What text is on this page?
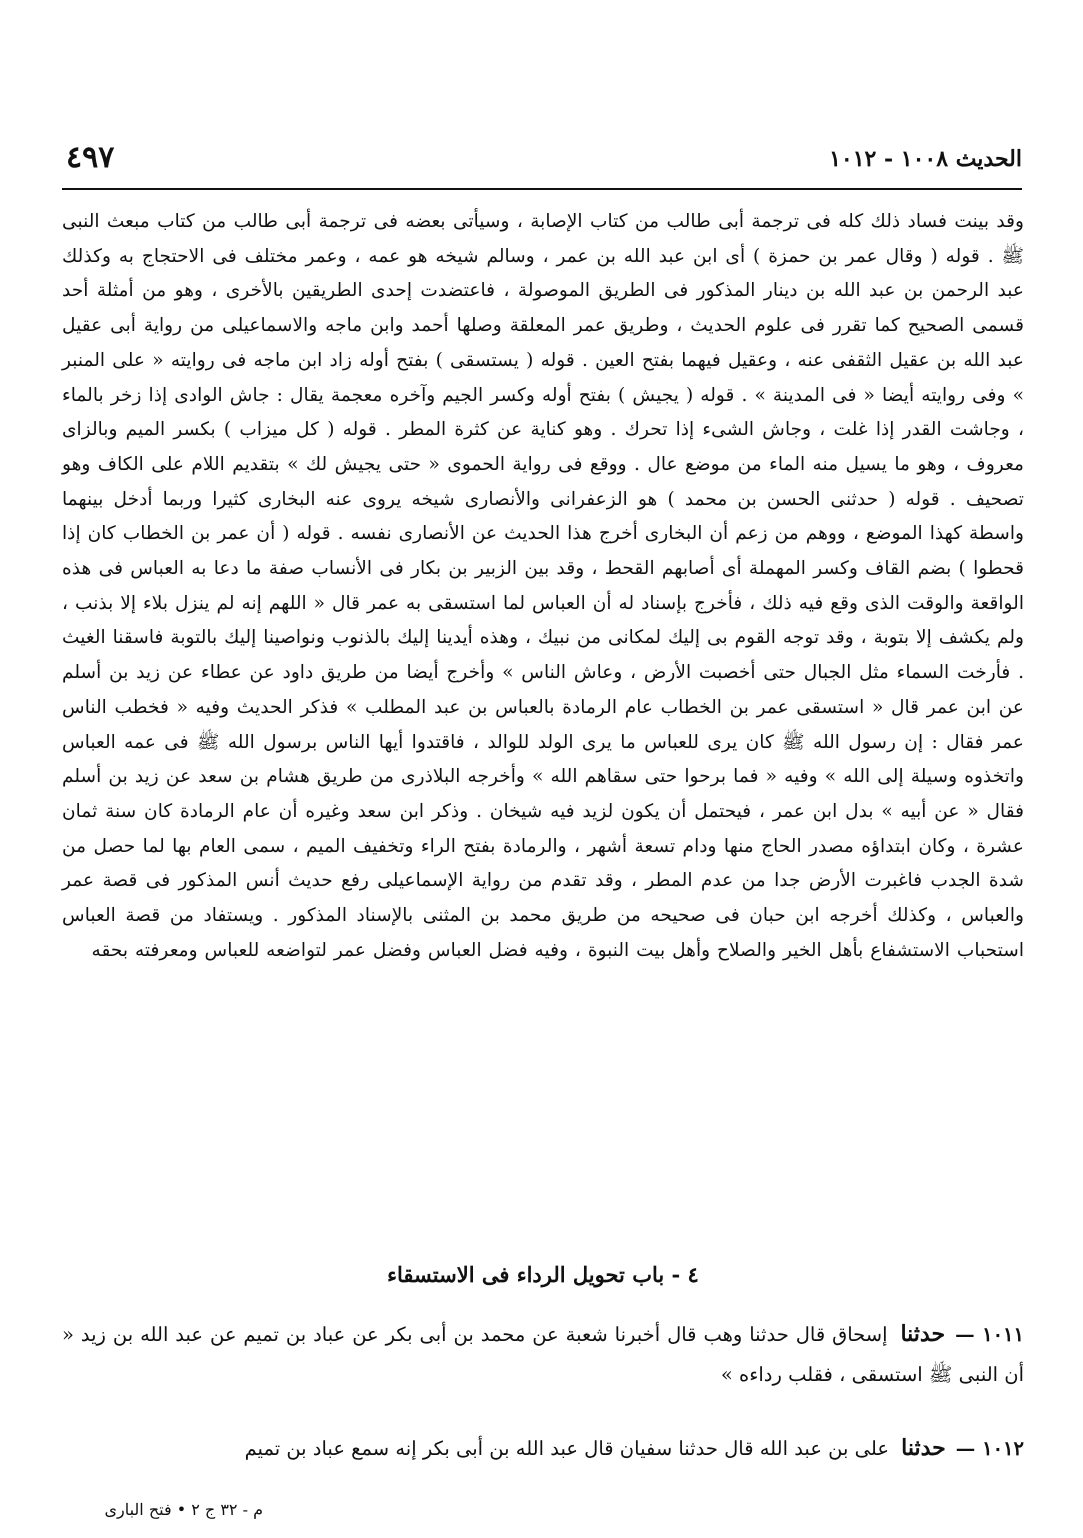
الحديث ١٠٠٨ - ١٠١٢
٤٩٧

وقد بينت فساد ذلك كله فى ترجمة أبى طالب من كتاب الإصابة ، وسيأتى بعضه فى ترجمة أبى طالب من كتاب مبعث النبى ﷺ . قوله ( وقال عمر بن حمزة ) أى ابن عبد الله بن عمر ، وسالم شيخه هو عمه ، وعمر مختلف فى الاحتجاج به وكذلك عبد الرحمن بن عبد الله بن دينار المذكور فى الطريق الموصولة ، فاعتضدت إحدى الطريقين بالأخرى ، وهو من أمثلة أحد قسمى الصحيح كما تقرر فى علوم الحديث ، وطريق عمر المعلقة وصلها أحمد وابن ماجه والاسماعيلى من رواية أبى عقيل عبد الله بن عقيل الثقفى عنه ، وعقيل فيهما بفتح العين . قوله ( يستسقى ) بفتح أوله زاد ابن ماجه فى روايته « على المنبر » وفى روايته أيضا « فى المدينة » . قوله ( يجيش ) بفتح أوله وكسر الجيم وآخره معجمة يقال : جاش الوادى إذا زخر بالماء ، وجاشت القدر إذا غلت ، وجاش الشىء إذا تحرك . وهو كناية عن كثرة المطر . قوله ( كل ميزاب ) بكسر الميم وبالزاى معروف ، وهو ما يسيل منه الماء من موضع عال . ووقع فى رواية الحموى « حتى يجيش لك » بتقديم اللام على الكاف وهو تصحيف . قوله ( حدثنى الحسن بن محمد ) هو الزعفرانى والأنصارى شيخه يروى عنه البخارى كثيرا وربما أدخل بينهما واسطة كهذا الموضع ، ووهم من زعم أن البخارى أخرج هذا الحديث عن الأنصارى نفسه . قوله ( أن عمر بن الخطاب كان إذا قحطوا ) بضم القاف وكسر المهملة أى أصابهم القحط ، وقد بين الزبير بن بكار فى الأنساب صفة ما دعا به العباس فى هذه الواقعة والوقت الذى وقع فيه ذلك ، فأخرج بإسناد له أن العباس لما استسقى به عمر قال « اللهم إنه لم ينزل بلاء إلا بذنب ، ولم يكشف إلا بتوبة ، وقد توجه القوم بى إليك لمكانى من نبيك ، وهذه أيدينا إليك بالذنوب ونواصينا إليك بالتوبة فاسقنا الغيث . فأرخت السماء مثل الجبال حتى أخصبت الأرض ، وعاش الناس » وأخرج أيضا من طريق داود عن عطاء عن زيد بن أسلم عن ابن عمر قال « استسقى عمر بن الخطاب عام الرمادة بالعباس بن عبد المطلب » فذكر الحديث وفيه « فخطب الناس عمر فقال : إن رسول الله ﷺ كان يرى للعباس ما يرى الولد للوالد ، فاقتدوا أيها الناس برسول الله ﷺ فى عمه العباس واتخذوه وسيلة إلى الله » وفيه « فما برحوا حتى سقاهم الله » وأخرجه البلاذرى من طريق هشام بن سعد عن زيد بن أسلم فقال « عن أبيه » بدل ابن عمر ، فيحتمل أن يكون لزيد فيه شيخان . وذكر ابن سعد وغيره أن عام الرمادة كان سنة ثمان عشرة ، وكان ابتداؤه مصدر الحاج منها ودام تسعة أشهر ، والرمادة بفتح الراء وتخفيف الميم ، سمى العام بها لما حصل من شدة الجدب فاغبرت الأرض جدا من عدم المطر ، وقد تقدم من رواية الإسماعيلى رفع حديث أنس المذكور فى قصة عمر والعباس ، وكذلك أخرجه ابن حبان فى صحيحه من طريق محمد بن المثنى بالإسناد المذكور . ويستفاد من قصة العباس استحباب الاستشفاع بأهل الخير والصلاح وأهل بيت النبوة ، وفيه فضل العباس وفضل عمر لتواضعه للعباس ومعرفته بحقه

٤ - باب تحويل الرداء فى الاستسقاء
١٠١١ —حدثنا إسحاق قال حدثنا وهب قال أخبرنا شعبة عن محمد بن أبى بكر عن عباد بن تميم عن عبد الله بن زيد « أن النبى ﷺ استسقى ، فقلب رداءه »
١٠١٢ —حدثنا على بن عبد الله قال حدثنا سفيان قال عبد الله بن أبى بكر إنه سمع عباد بن تميم
م - ٣٢ ج ٢ • فتح البارى
